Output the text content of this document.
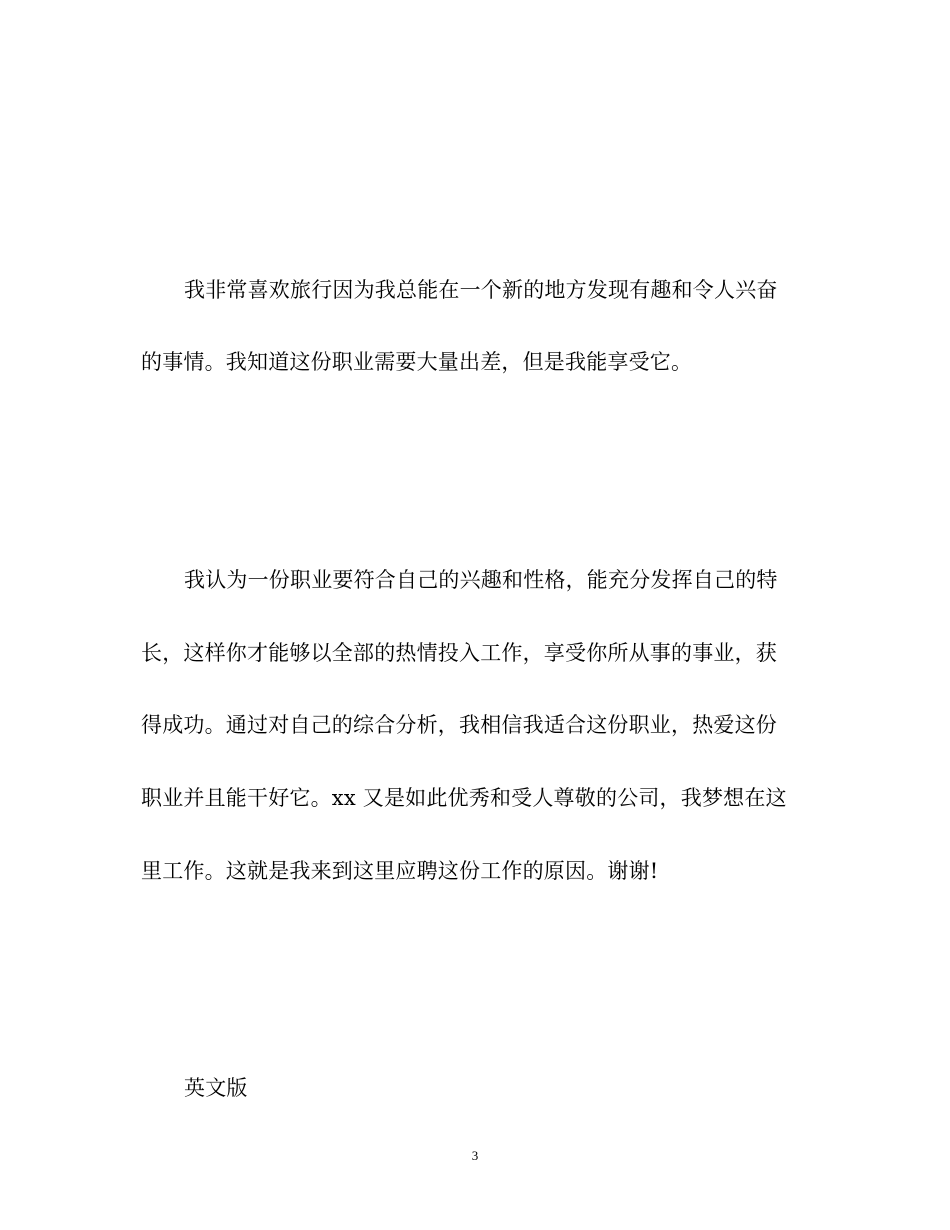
我非常喜欢旅行因为我总能在一个新的地方发现有趣和令人兴奋
的事情。我知道这份职业需要大量出差，但是我能享受它。
我认为一份职业要符合自己的兴趣和性格，能充分发挥自己的特
长，这样你才能够以全部的热情投入工作，享受你所从事的事业，获
得成功。通过对自己的综合分析，我相信我适合这份职业，热爱这份
职业并且能干好它。xx 又是如此优秀和受人尊敬的公司，我梦想在这
里工作。这就是我来到这里应聘这份工作的原因。谢谢!
英文版
3
